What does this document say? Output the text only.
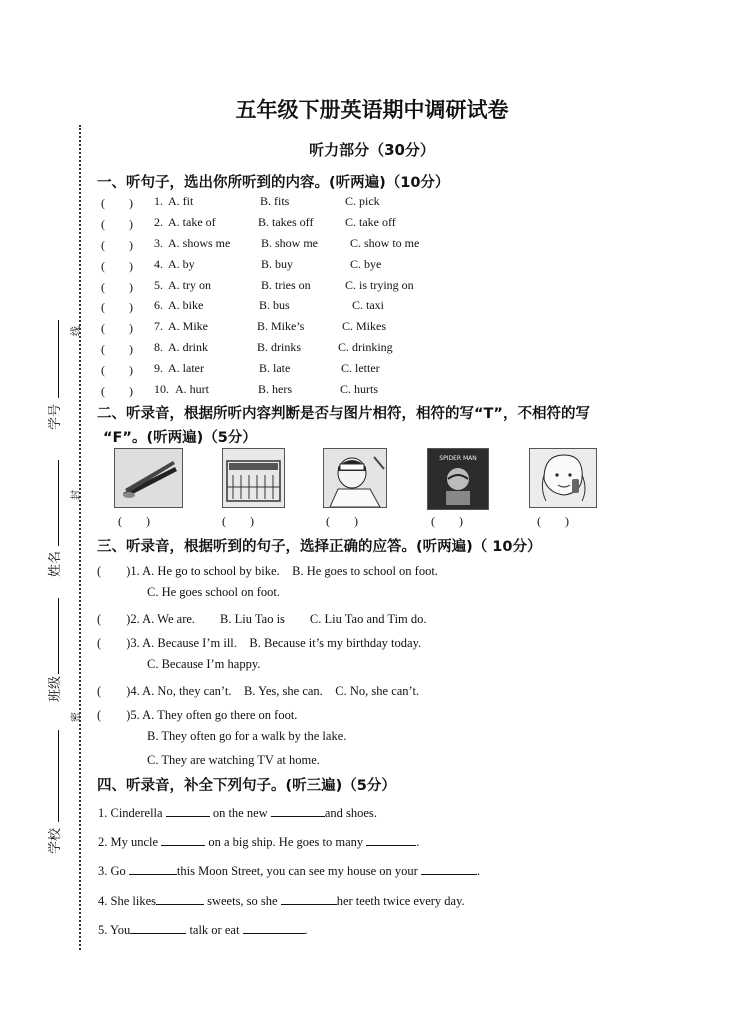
学号
姓名
班级
学校
线
封
密
五年级下册英语期中调研试卷
听力部分（30分）
一、听句子，选出你所听到的内容。(听两遍)（10分）
(　　) 1. A. fit	B. fits	C. pick
(　　) 2. A. take of	B. takes off	C. take off
(　　) 3. A. shows me	B. show me	C. show to me
(　　) 4. A. by	B. buy	C. bye
(　　) 5. A. try on	B. tries on	C. is trying on
(　　) 6. A. bike	B. bus	C. taxi
(　　) 7. A. Mike	B. Mike’s	C. Mikes
(　　) 8. A. drink	B. drinks	C. drinking
(　　) 9. A. later	B. late	C. letter
(　　) 10. A. hurt	B. hers	C. hurts
二、听录音，根据所听内容判断是否与图片相符，相符的写“T”，不相符的写
“F”。(听两遍)（5分）
SPIDER MAN
(　　)	(　　)	(　　)	(　　)	(　　)
三、听录音，根据听到的句子，选择正确的应答。(听两遍)（ 10分）
(　　)1. A. He go to school by bike.　B. He goes to school on foot.
C. He goes school on foot.
(　　)2. A. We are.　　B. Liu Tao is　　C. Liu Tao and Tim do.
(　　)3. A. Because I’m ill.　B. Because it’s my birthday today.
C. Because I’m happy.
(　　)4. A. No, they can’t.　B. Yes, she can.　C. No, she can’t.
(　　)5. A. They often go there on foot.
B. They often go for a walk by the lake.
C. They are watching TV at home.
四、听录音，补全下列句子。(听三遍)（5分）
1. Cinderella	on the new	and shoes.
2. My uncle	on a big ship. He goes to many	.
3. Go	this Moon Street, you can see my house on your	.
4. She likes	sweets, so she	her teeth twice every day.
5. You	talk or eat	.
